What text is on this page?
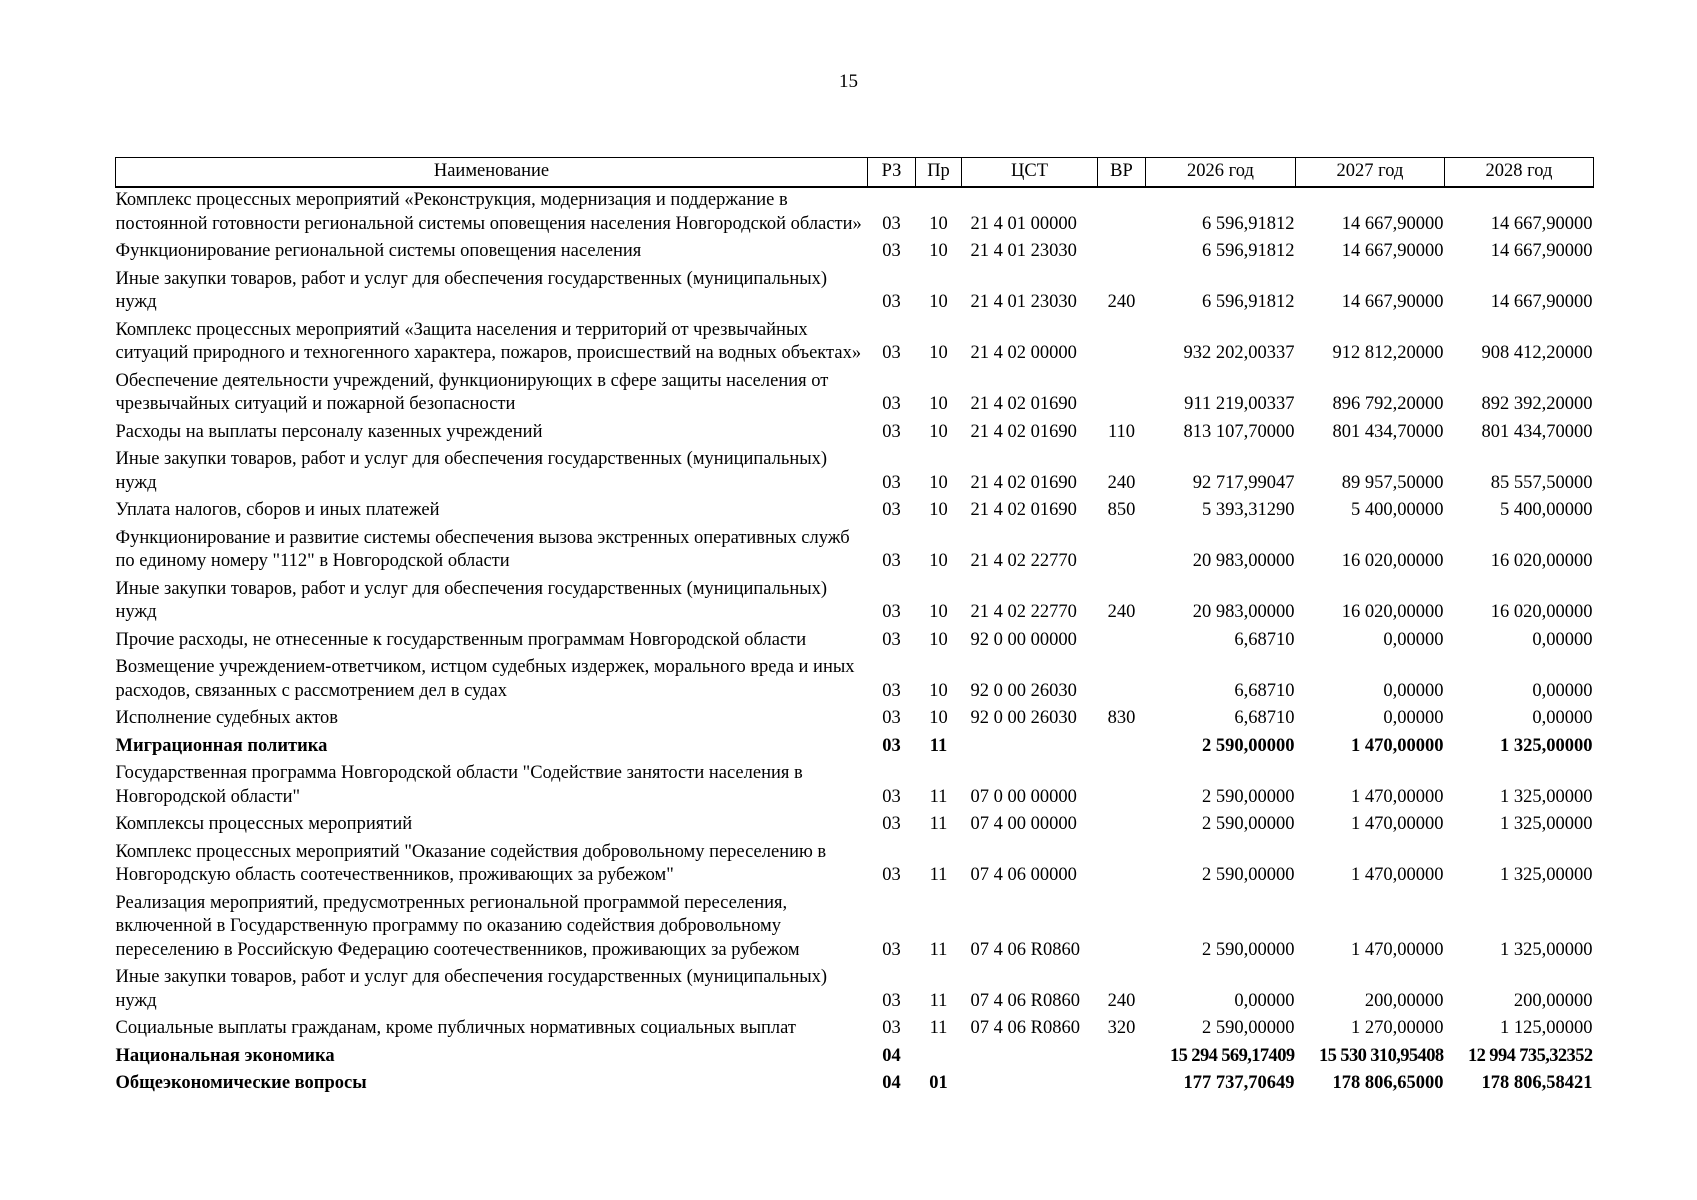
15
Наименование	РЗ	Пр	ЦСТ	ВР	2026 год	2027 год	2028 год
Комплекс процессных мероприятий «Реконструкция, модернизация и поддержание в постоянной готовности региональной системы оповещения населения Новгородской области»	03	10	21 4 01 00000		6 596,91812	14 667,90000	14 667,90000
Функционирование региональной системы оповещения населения	03	10	21 4 01 23030		6 596,91812	14 667,90000	14 667,90000
Иные закупки товаров, работ и услуг для обеспечения государственных (муниципальных) нужд	03	10	21 4 01 23030	240	6 596,91812	14 667,90000	14 667,90000
Комплекс процессных мероприятий «Защита населения и территорий от чрезвычайных ситуаций природного и техногенного характера, пожаров, происшествий на водных объектах»	03	10	21 4 02 00000		932 202,00337	912 812,20000	908 412,20000
Обеспечение деятельности учреждений, функционирующих в сфере защиты населения от чрезвычайных ситуаций и пожарной безопасности	03	10	21 4 02 01690		911 219,00337	896 792,20000	892 392,20000
Расходы на выплаты персоналу казенных учреждений	03	10	21 4 02 01690	110	813 107,70000	801 434,70000	801 434,70000
Иные закупки товаров, работ и услуг для обеспечения государственных (муниципальных) нужд	03	10	21 4 02 01690	240	92 717,99047	89 957,50000	85 557,50000
Уплата налогов, сборов и иных платежей	03	10	21 4 02 01690	850	5 393,31290	5 400,00000	5 400,00000
Функционирование и развитие системы обеспечения вызова экстренных оперативных служб по единому номеру "112" в Новгородской области	03	10	21 4 02 22770		20 983,00000	16 020,00000	16 020,00000
Иные закупки товаров, работ и услуг для обеспечения государственных (муниципальных) нужд	03	10	21 4 02 22770	240	20 983,00000	16 020,00000	16 020,00000
Прочие расходы, не отнесенные к государственным программам Новгородской области	03	10	92 0 00 00000		6,68710	0,00000	0,00000
Возмещение учреждением-ответчиком, истцом судебных издержек, морального вреда и иных расходов, связанных с рассмотрением дел в судах	03	10	92 0 00 26030		6,68710	0,00000	0,00000
Исполнение судебных актов	03	10	92 0 00 26030	830	6,68710	0,00000	0,00000
Миграционная политика	03	11			2 590,00000	1 470,00000	1 325,00000
Государственная программа Новгородской области "Содействие занятости населения в Новгородской области"	03	11	07 0 00 00000		2 590,00000	1 470,00000	1 325,00000
Комплексы процессных мероприятий	03	11	07 4 00 00000		2 590,00000	1 470,00000	1 325,00000
Комплекс процессных мероприятий "Оказание содействия добровольному переселению в Новгородскую область соотечественников, проживающих за рубежом"	03	11	07 4 06 00000		2 590,00000	1 470,00000	1 325,00000
Реализация мероприятий, предусмотренных региональной программой переселения, включенной в Государственную программу по оказанию содействия добровольному переселению в Российскую Федерацию соотечественников, проживающих за рубежом	03	11	07 4 06 R0860		2 590,00000	1 470,00000	1 325,00000
Иные закупки товаров, работ и услуг для обеспечения государственных (муниципальных) нужд	03	11	07 4 06 R0860	240	0,00000	200,00000	200,00000
Социальные выплаты гражданам, кроме публичных нормативных социальных выплат	03	11	07 4 06 R0860	320	2 590,00000	1 270,00000	1 125,00000
Национальная экономика	04				15 294 569,17409	15 530 310,95408	12 994 735,32352
Общеэкономические вопросы	04	01			177 737,70649	178 806,65000	178 806,58421
